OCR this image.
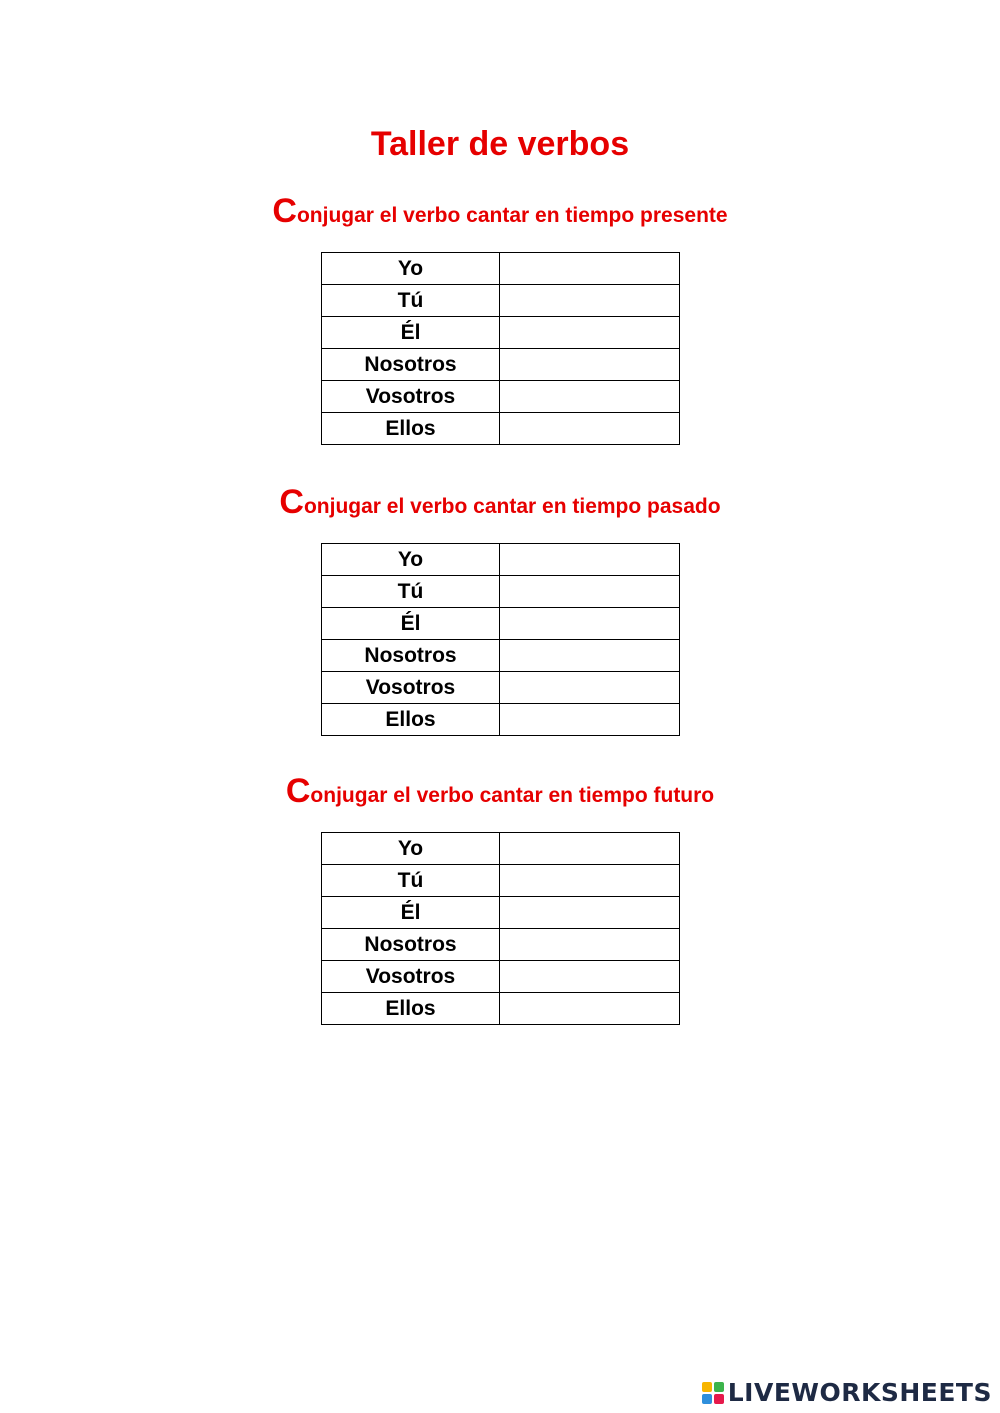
Taller de verbos
Conjugar el verbo cantar en tiempo presente
Yo	
Tú	
Él	
Nosotros	
Vosotros	
Ellos	
Conjugar el verbo cantar en tiempo pasado
Yo	
Tú	
Él	
Nosotros	
Vosotros	
Ellos	
Conjugar el verbo cantar en tiempo futuro
Yo	
Tú	
Él	
Nosotros	
Vosotros	
Ellos	
LIVEWORKSHEETS
